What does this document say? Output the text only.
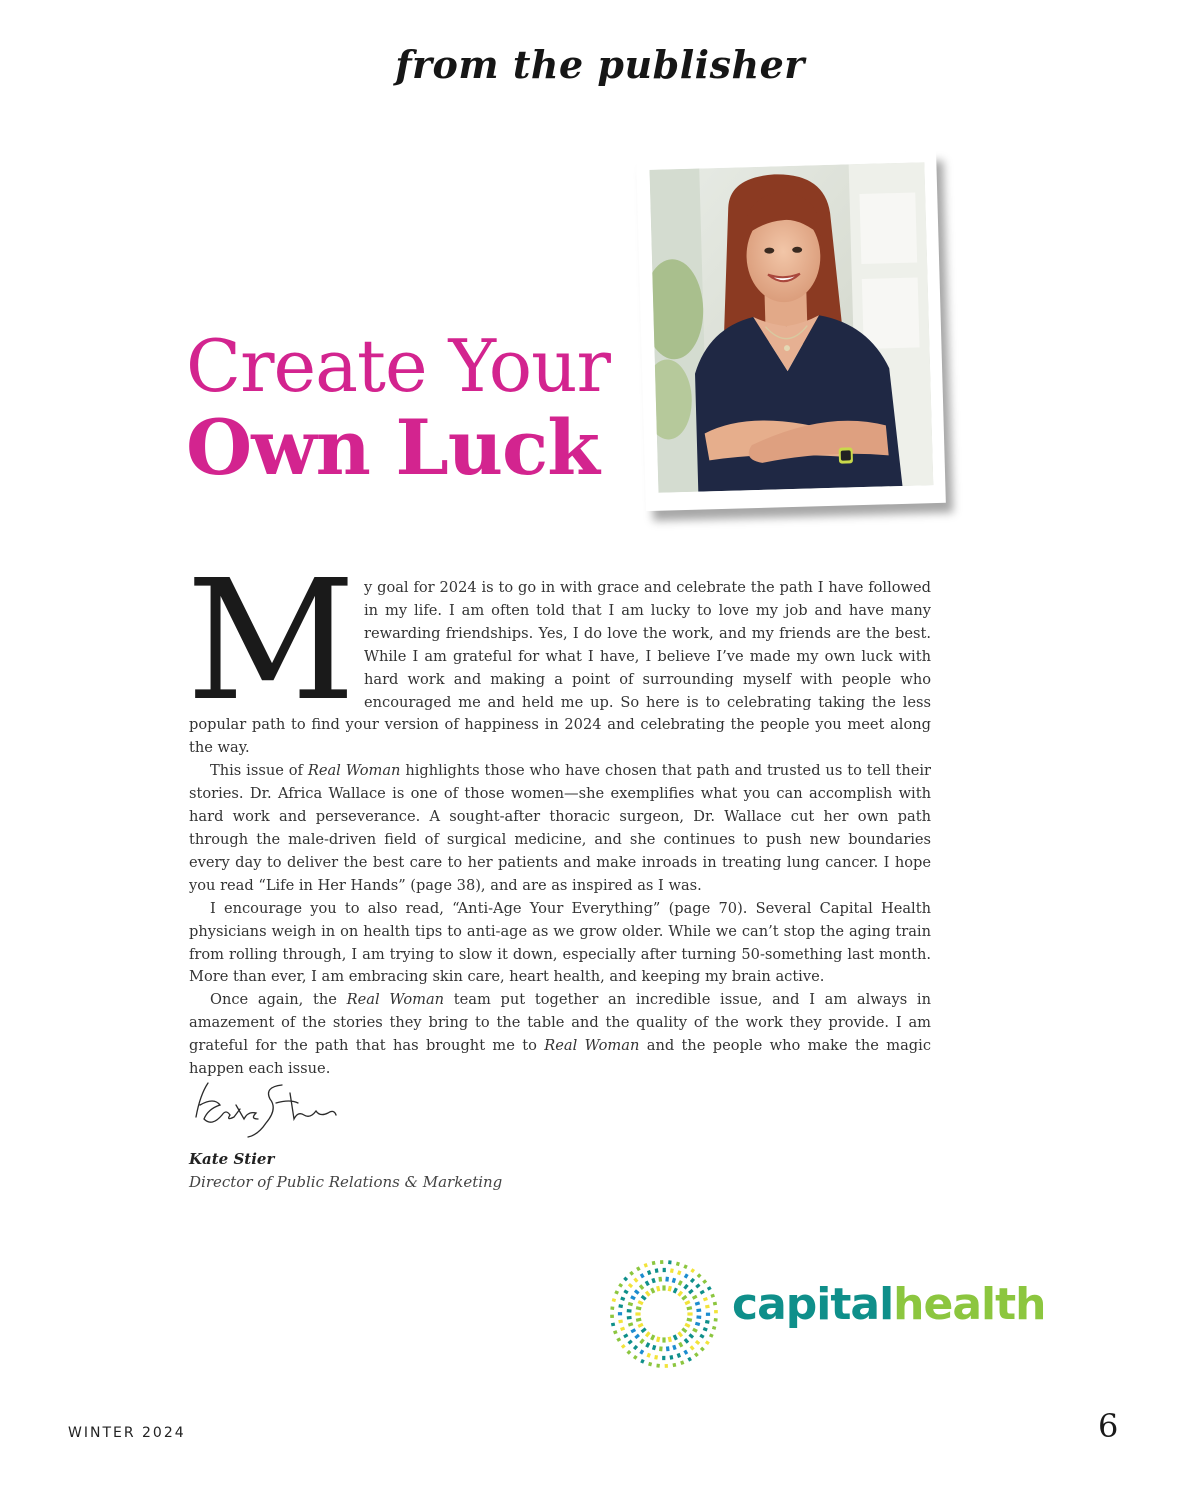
from the publisher
Create Your
Own Luck

My goal for 2024 is to go in with grace and celebrate the path I have followed in my life. I am often told that I am lucky to love my job and have many rewarding friendships. Yes, I do love the work, and my friends are the best. While I am grateful for what I have, I believe I’ve made my own luck with hard work and making a point of surrounding myself with people who encouraged me and held me up. So here is to celebrating taking the less popular path to find your version of happiness in 2024 and celebrating the people you meet along the way.

This issue of Real Woman highlights those who have chosen that path and trusted us to tell their stories. Dr. Africa Wallace is one of those women—she exemplifies what you can accomplish with hard work and perseverance. A sought-after thoracic surgeon, Dr. Wallace cut her own path through the male-driven field of surgical medicine, and she continues to push new boundaries every day to deliver the best care to her patients and make inroads in treating lung cancer. I hope you read “Life in Her Hands” (page 38), and are as inspired as I was.

I encourage you to also read, “Anti-Age Your Everything” (page 70). Several Capital Health physicians weigh in on health tips to anti-age as we grow older. While we can’t stop the aging train from rolling through, I am trying to slow it down, especially after turning 50-something last month. More than ever, I am embracing skin care, heart health, and keeping my brain active.

Once again, the Real Woman team put together an incredible issue, and I am always in amazement of the stories they bring to the table and the quality of the work they provide. I am grateful for the path that has brought me to Real Woman and the people who make the magic happen each issue.

Kate Stier
Director of Public Relations & Marketing
capitalhealth
WINTER 2024	6
